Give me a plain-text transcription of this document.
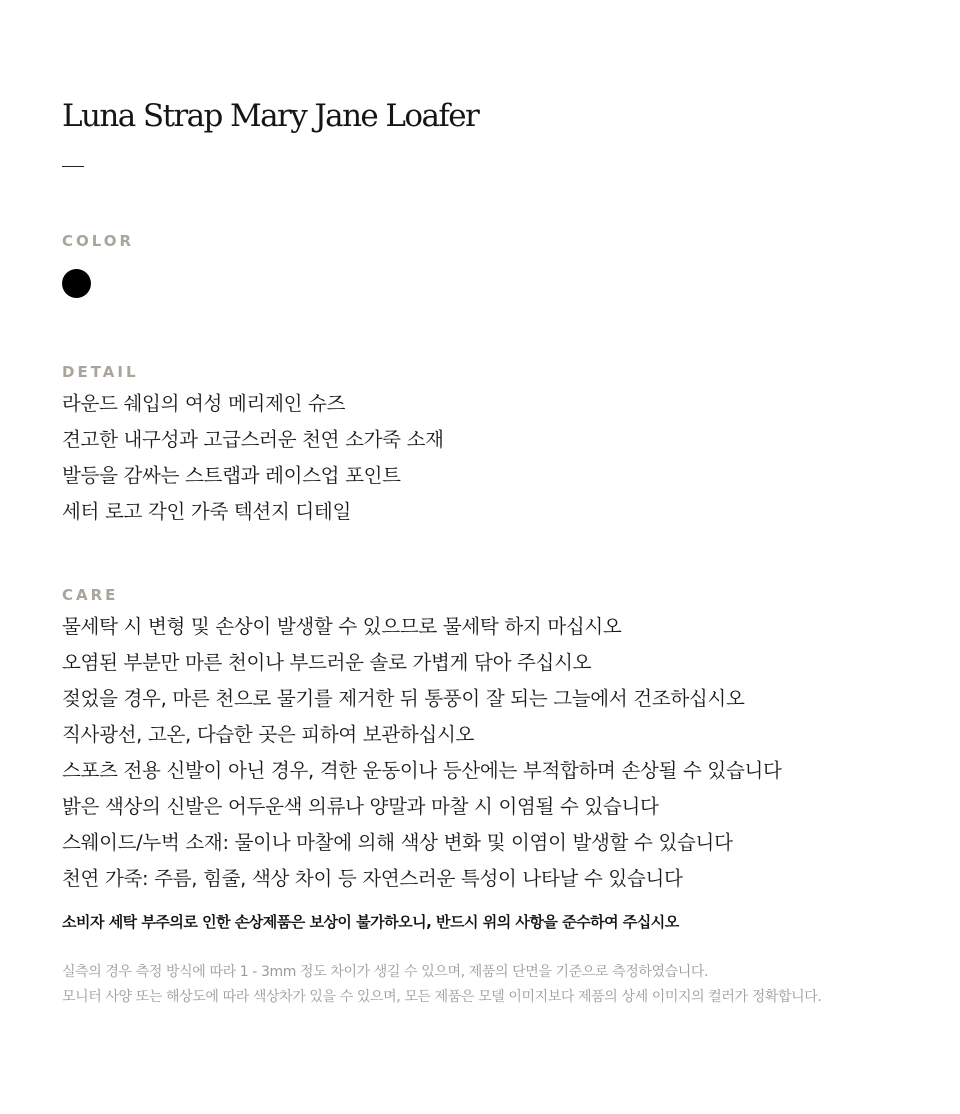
Luna Strap Mary Jane Loafer
COLOR
DETAIL
라운드 쉐입의 여성 메리제인 슈즈
견고한 내구성과 고급스러운 천연 소가죽 소재
발등을 감싸는 스트랩과 레이스업 포인트
세터 로고 각인 가죽 텍션지 디테일
CARE
물세탁 시 변형 및 손상이 발생할 수 있으므로 물세탁 하지 마십시오
오염된 부분만 마른 천이나 부드러운 솔로 가볍게 닦아 주십시오
젖었을 경우, 마른 천으로 물기를 제거한 뒤 통풍이 잘 되는 그늘에서 건조하십시오
직사광선, 고온, 다습한 곳은 피하여 보관하십시오
스포츠 전용 신발이 아닌 경우, 격한 운동이나 등산에는 부적합하며 손상될 수 있습니다
밝은 색상의 신발은 어두운색 의류나 양말과 마찰 시 이염될 수 있습니다
스웨이드/누벅 소재: 물이나 마찰에 의해 색상 변화 및 이염이 발생할 수 있습니다
천연 가죽: 주름, 힘줄, 색상 차이 등 자연스러운 특성이 나타날 수 있습니다

소비자 세탁 부주의로 인한 손상제품은 보상이 불가하오니, 반드시 위의 사항을 준수하여 주십시오

실측의 경우 측정 방식에 따라 1 - 3mm 정도 차이가 생길 수 있으며, 제품의 단면을 기준으로 측정하였습니다.
모니터 사양 또는 해상도에 따라 색상차가 있을 수 있으며, 모든 제품은 모델 이미지보다 제품의 상세 이미지의 컬러가 정확합니다.
